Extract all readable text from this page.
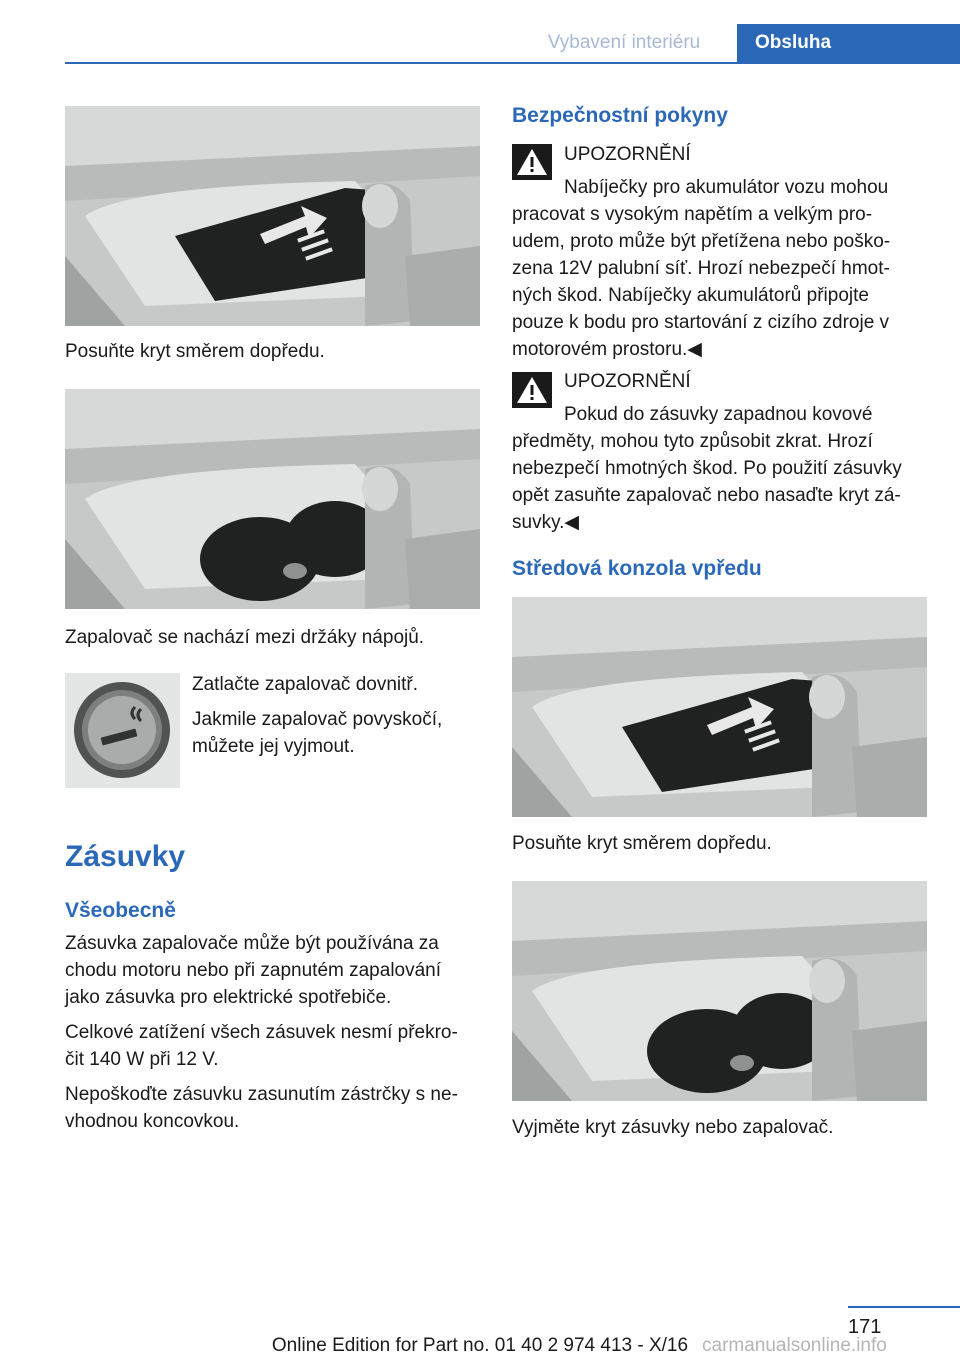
Vybavení interiéru	Obsluha
Posuňte kryt směrem dopředu.
Zapalovač se nachází mezi držáky nápojů.

Zatlačte zapalovač dovnitř.

Jakmile zapalovač povyskočí,

můžete jej vyjmout.

Zásuvky
Všeobecně

Zásuvka zapalovače může být používána za

chodu motoru nebo při zapnutém zapalování

jako zásuvka pro elektrické spotřebiče.

Celkové zatížení všech zásuvek nesmí překro‐

čit 140 W při 12 V.

Nepoškoďte zásuvku zasunutím zástrčky s ne‐

vhodnou koncovkou.

Bezpečnostní pokyny

UPOZORNĚNÍ

Nabíječky pro akumulátor vozu mohou

pracovat s vysokým napětím a velkým pro‐

udem, proto může být přetížena nebo poško‐

zena 12V palubní síť. Hrozí nebezpečí hmot‐

ných škod. Nabíječky akumulátorů připojte

pouze k bodu pro startování z cizího zdroje v

motorovém prostoru.◀

UPOZORNĚNÍ

Pokud do zásuvky zapadnou kovové

předměty, mohou tyto způsobit zkrat. Hrozí

nebezpečí hmotných škod. Po použití zásuvky

opět zasuňte zapalovač nebo nasaďte kryt zá‐

suvky.◀

Středová konzola vpředu
Posuňte kryt směrem dopředu.
Vyjměte kryt zásuvky nebo zapalovač.
171
Online Edition for Part no. 01 40 2 974 413 - X/16 carmanualsonline.info
